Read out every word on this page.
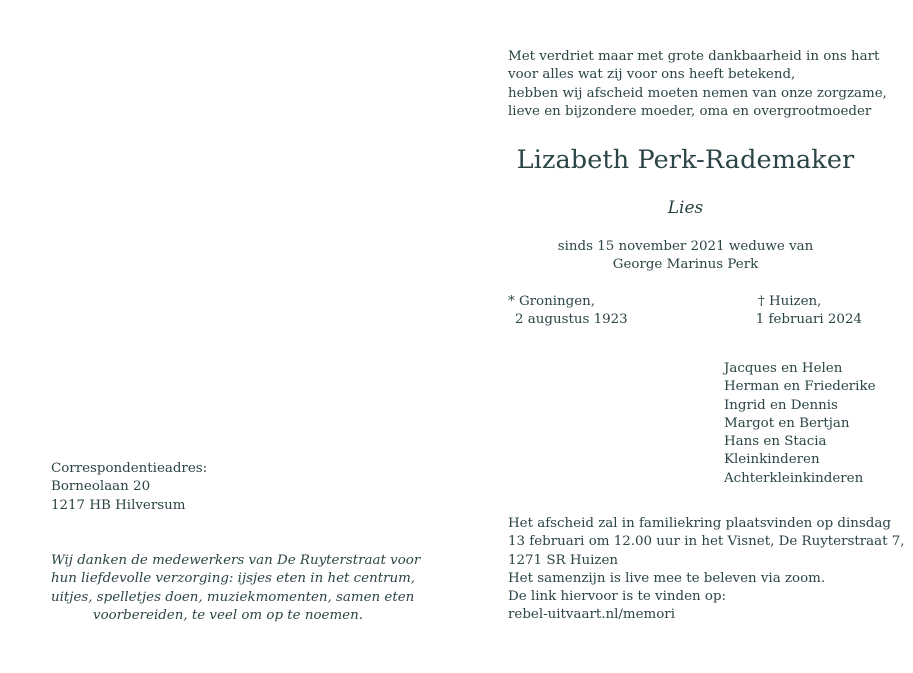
Met verdriet maar met grote dankbaarheid in ons hart
voor alles wat zij voor ons heeft betekend,
hebben wij afscheid moeten nemen van onze zorgzame,
lieve en bijzondere moeder, oma en overgrootmoeder
Lizabeth Perk-Rademaker
Lies
sinds 15 november 2021 weduwe van
George Marinus Perk
* Groningen,
2 augustus 1923
† Huizen,
1 februari 2024
Jacques en Helen
Herman en Friederike
Ingrid en Dennis
Margot en Bertjan
Hans en Stacia
Kleinkinderen
Achterkleinkinderen
Het afscheid zal in familiekring plaatsvinden op dinsdag
13 februari om 12.00 uur in het Visnet, De Ruyterstraat 7,
1271 SR Huizen
Het samenzijn is live mee te beleven via zoom.
De link hiervoor is te vinden op:
rebel-uitvaart.nl/memori
Correspondentieadres:
Borneolaan 20
1217 HB Hilversum
Wij danken de medewerkers van De Ruyterstraat voor
hun liefdevolle verzorging: ijsjes eten in het centrum,
uitjes, spelletjes doen, muziekmomenten, samen eten
voorbereiden, te veel om op te noemen.
